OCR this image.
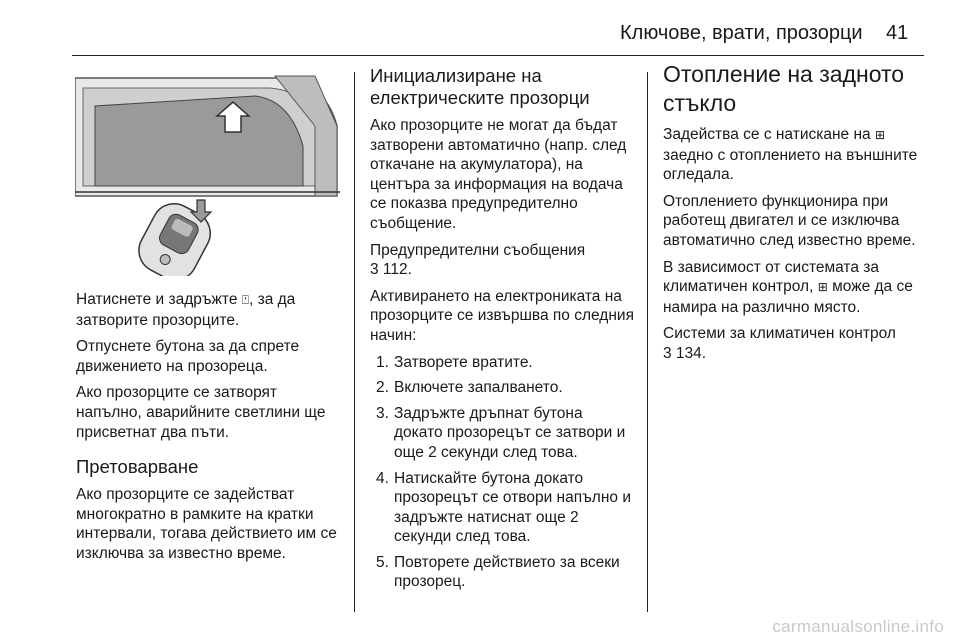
Ключове, врати, прозорци 41

Натиснете и задръжте ⍞, за да затворите прозорците.

Отпуснете бутона за да спрете движението на прозореца.

Ако прозорците се затворят напълно, аварийните светлини ще присветнат два пъти.

Претоварване

Ако прозорците се задействат многократно в рамките на кратки интервали, тогава действието им се изключва за известно време.

Инициализиране на електрическите прозорци

Ако прозорците не могат да бъдат затворени автоматично (напр. след откачане на акумулатора), на центъра за информация на водача се показва предупредително съобщение.

Предупредителни съобщения
3 112.

Активирането на електрониката на прозорците се извършва по следния начин:

1. Затворете вратите.
2. Включете запалването.
3. Задръжте дръпнат бутона докато прозорецът се затвори и още 2 секунди след това.
4. Натискайте бутона докато прозорецът се отвори напълно и задръжте натиснат още 2 секунди след това.
5. Повторете действието за всеки прозорец.
Отопление на задното стъкло

Задейства се с натискане на ⊞ заедно с отоплението на външните огледала.

Отоплението функционира при работещ двигател и се изключва автоматично след известно време.

В зависимост от системата за климатичен контрол, ⊞ може да се намира на различно място.

Системи за климатичен контрол
3 134.

carmanualsonline.info
